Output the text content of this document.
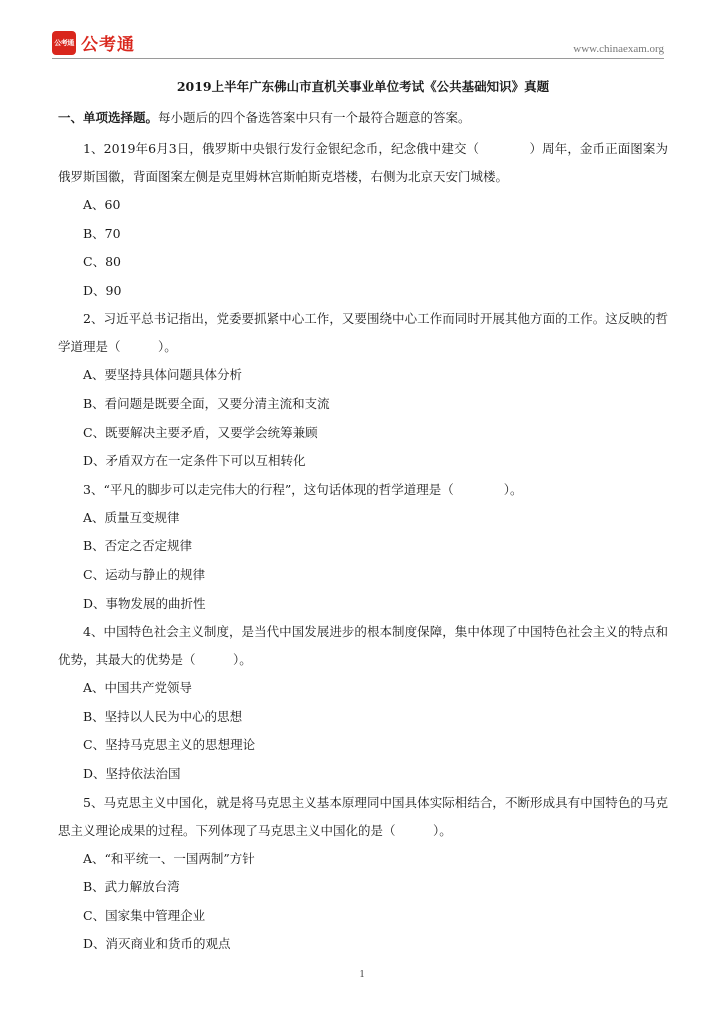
公考通 公考通	www.chinaexam.org
2019上半年广东佛山市直机关事业单位考试《公共基础知识》真题
一、单项选择题。每小题后的四个备选答案中只有一个最符合题意的答案。

1、2019年6月3日，俄罗斯中央银行发行金银纪念币，纪念俄中建交（　　　　）周年，金币正面图案为俄罗斯国徽，背面图案左侧是克里姆林宫斯帕斯克塔楼，右侧为北京天安门城楼。

A、60

B、70

C、80

D、90

2、习近平总书记指出，党委要抓紧中心工作，又要围绕中心工作而同时开展其他方面的工作。这反映的哲学道理是（　　　）。

A、要坚持具体问题具体分析

B、看问题是既要全面，又要分清主流和支流

C、既要解决主要矛盾，又要学会统筹兼顾

D、矛盾双方在一定条件下可以互相转化

3、“平凡的脚步可以走完伟大的行程”，这句话体现的哲学道理是（　　　　）。

A、质量互变规律

B、否定之否定规律

C、运动与静止的规律

D、事物发展的曲折性

4、中国特色社会主义制度，是当代中国发展进步的根本制度保障，集中体现了中国特色社会主义的特点和优势，其最大的优势是（　　　）。

A、中国共产党领导

B、坚持以人民为中心的思想

C、坚持马克思主义的思想理论

D、坚持依法治国

5、马克思主义中国化，就是将马克思主义基本原理同中国具体实际相结合，不断形成具有中国特色的马克思主义理论成果的过程。下列体现了马克思主义中国化的是（　　　）。

A、“和平统一、一国两制”方针

B、武力解放台湾

C、国家集中管理企业

D、消灭商业和货币的观点

1
